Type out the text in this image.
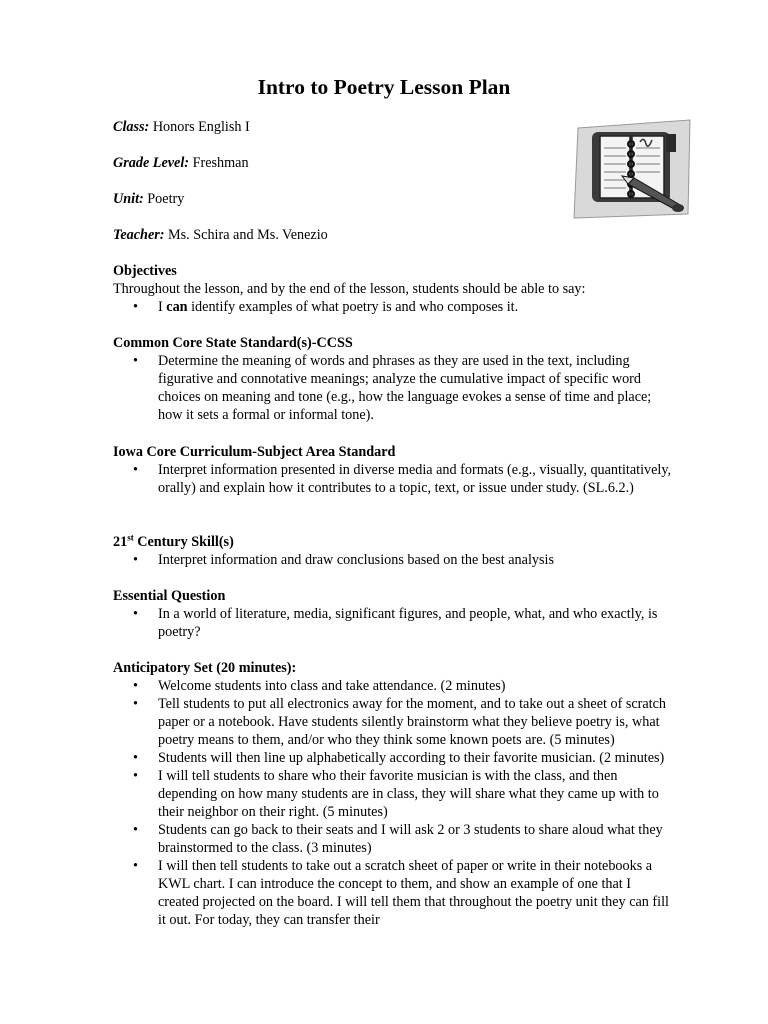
Intro to Poetry Lesson Plan
Class: Honors English I
Grade Level: Freshman
Unit: Poetry
Teacher: Ms. Schira and Ms. Venezio
Objectives
Throughout the lesson, and by the end of the lesson, students should be able to say:
• I can identify examples of what poetry is and who composes it.
Common Core State Standard(s)-CCSS
• Determine the meaning of words and phrases as they are used in the text, including figurative and connotative meanings; analyze the cumulative impact of specific word choices on meaning and tone (e.g., how the language evokes a sense of time and place; how it sets a formal or informal tone).
Iowa Core Curriculum-Subject Area Standard
• Interpret information presented in diverse media and formats (e.g., visually, quantitatively, orally) and explain how it contributes to a topic, text, or issue under study. (SL.6.2.)
21st Century Skill(s)
• Interpret information and draw conclusions based on the best analysis
Essential Question
• In a world of literature, media, significant figures, and people, what, and who exactly, is poetry?
Anticipatory Set (20 minutes):
• Welcome students into class and take attendance. (2 minutes)
• Tell students to put all electronics away for the moment, and to take out a sheet of scratch paper or a notebook. Have students silently brainstorm what they believe poetry is, what poetry means to them, and/or who they think some known poets are. (5 minutes)
• Students will then line up alphabetically according to their favorite musician. (2 minutes)
• I will tell students to share who their favorite musician is with the class, and then depending on how many students are in class, they will share what they came up with to their neighbor on their right. (5 minutes)
• Students can go back to their seats and I will ask 2 or 3 students to share aloud what they brainstormed to the class. (3 minutes)
• I will then tell students to take out a scratch sheet of paper or write in their notebooks a KWL chart. I can introduce the concept to them, and show an example of one that I created projected on the board. I will tell them that throughout the poetry unit they can fill it out. For today, they can transfer their
